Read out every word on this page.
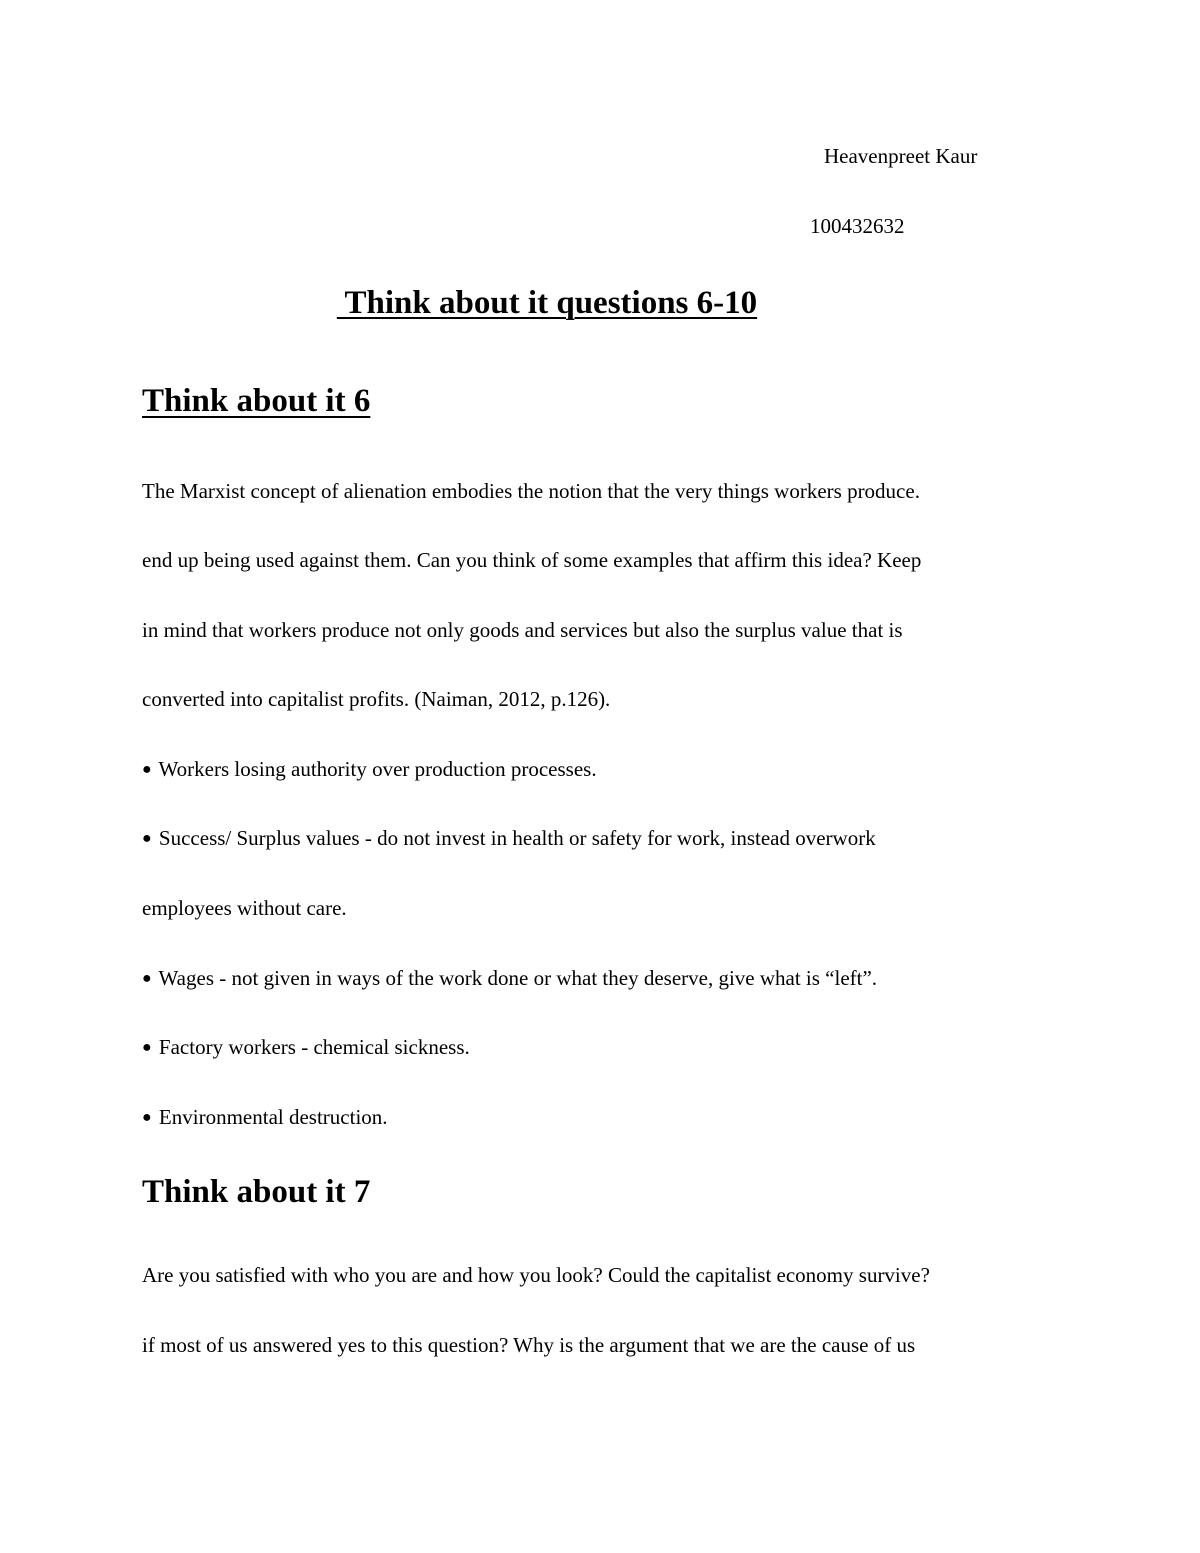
Heavenpreet Kaur
100432632
Think about it questions 6-10
Think about it 6
The Marxist concept of alienation embodies the notion that the very things workers produce.
end up being used against them. Can you think of some examples that affirm this idea? Keep
in mind that workers produce not only goods and services but also the surplus value that is
converted into capitalist profits. (Naiman, 2012, p.126).
● Workers losing authority over production processes.
● Success/ Surplus values - do not invest in health or safety for work, instead overwork
employees without care.
● Wages - not given in ways of the work done or what they deserve, give what is “left”.
● Factory workers - chemical sickness.
● Environmental destruction.
Think about it 7
Are you satisfied with who you are and how you look? Could the capitalist economy survive?
if most of us answered yes to this question? Why is the argument that we are the cause of us
